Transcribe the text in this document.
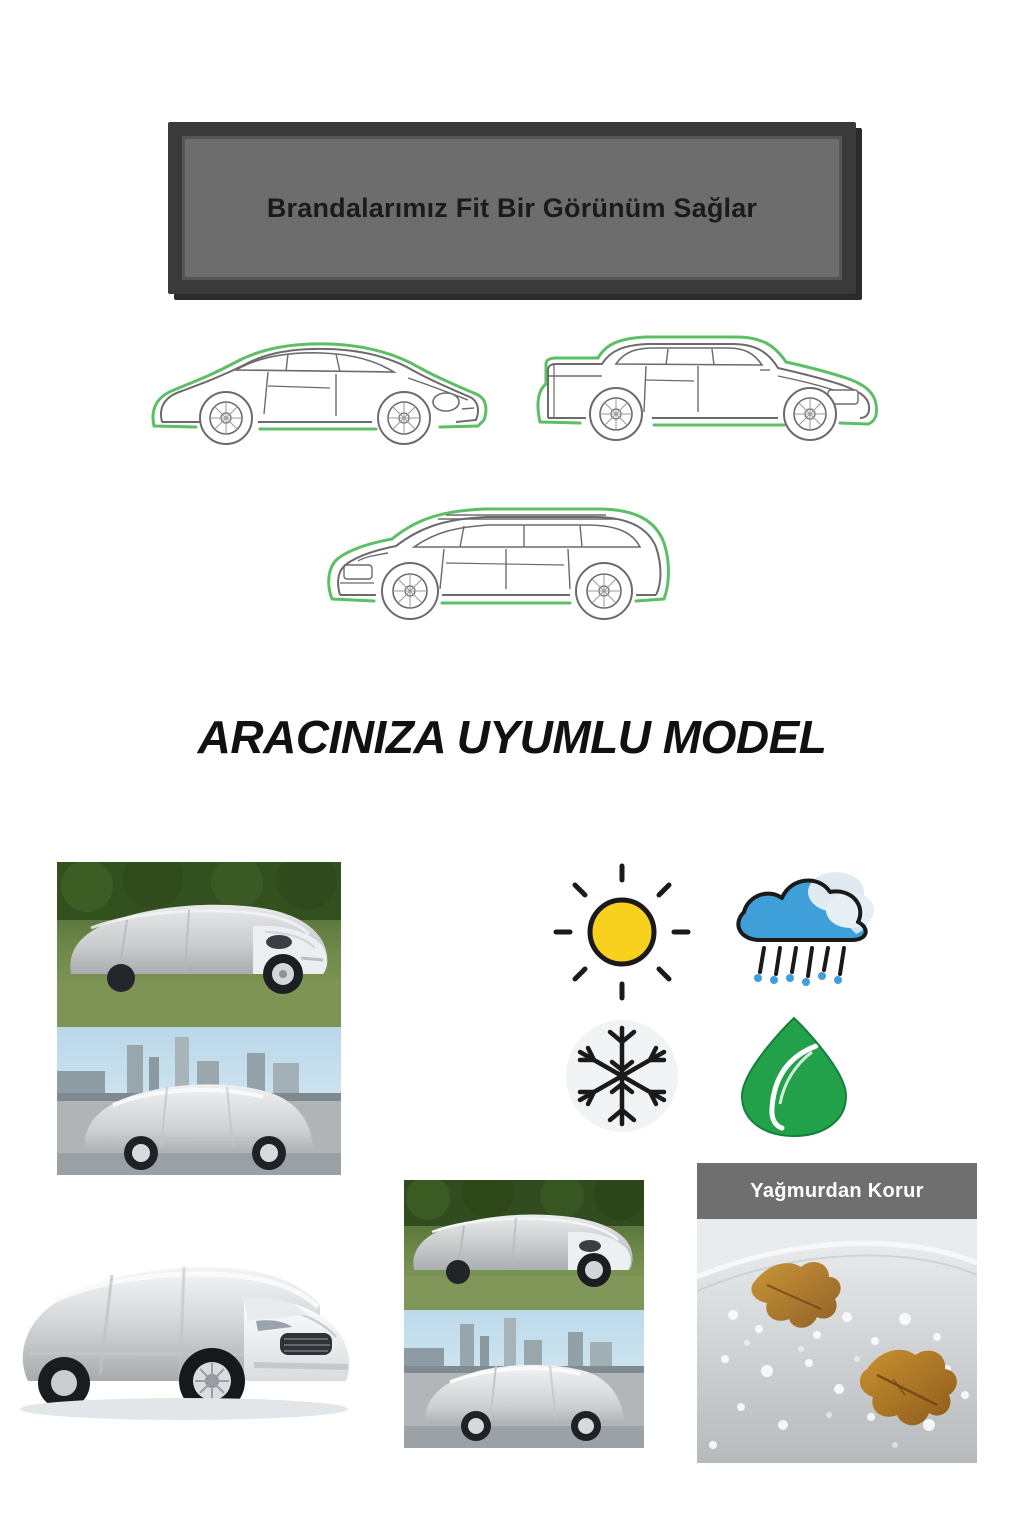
Brandalarımız Fit Bir Görünüm Sağlar
ARACINIZA UYUMLU MODEL
Yağmurdan Korur
